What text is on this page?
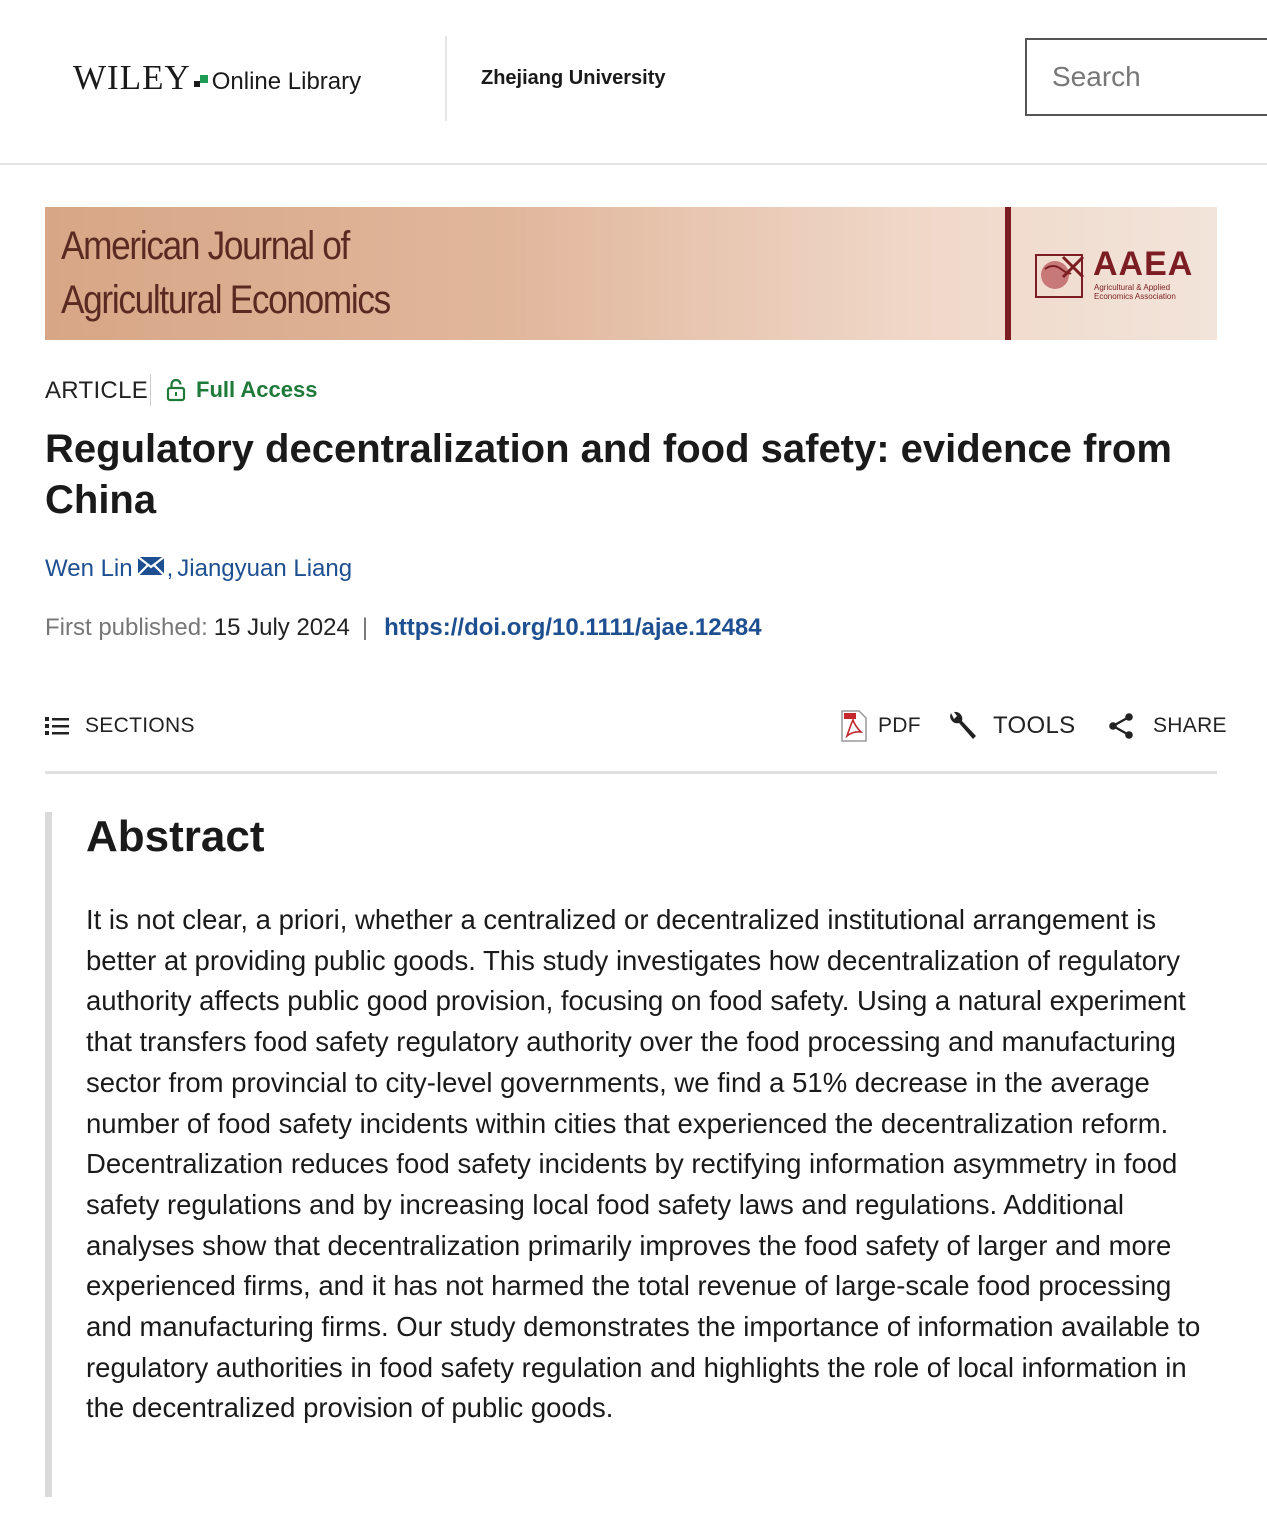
WILEY Online Library	Zhejiang University
Search
American Journal of
Agricultural Economics
AAEA
Agricultural & Applied
Economics Association
ARTICLE Full Access
Regulatory decentralization and food safety: evidence from China
Wen Lin , Jiangyuan Liang
First published: 15 July 2024 | https://doi.org/10.1111/ajae.12484
SECTIONS	PDF	TOOLS	SHARE
Abstract

It is not clear, a priori, whether a centralized or decentralized institutional arrangement is better at providing public goods. This study investigates how decentralization of regulatory authority affects public good provision, focusing on food safety. Using a natural experiment that transfers food safety regulatory authority over the food processing and manufacturing sector from provincial to city-level governments, we find a 51% decrease in the average number of food safety incidents within cities that experienced the decentralization reform. Decentralization reduces food safety incidents by rectifying information asymmetry in food safety regulations and by increasing local food safety laws and regulations. Additional analyses show that decentralization primarily improves the food safety of larger and more experienced firms, and it has not harmed the total revenue of large-scale food processing and manufacturing firms. Our study demonstrates the importance of information available to regulatory authorities in food safety regulation and highlights the role of local information in the decentralized provision of public goods.
